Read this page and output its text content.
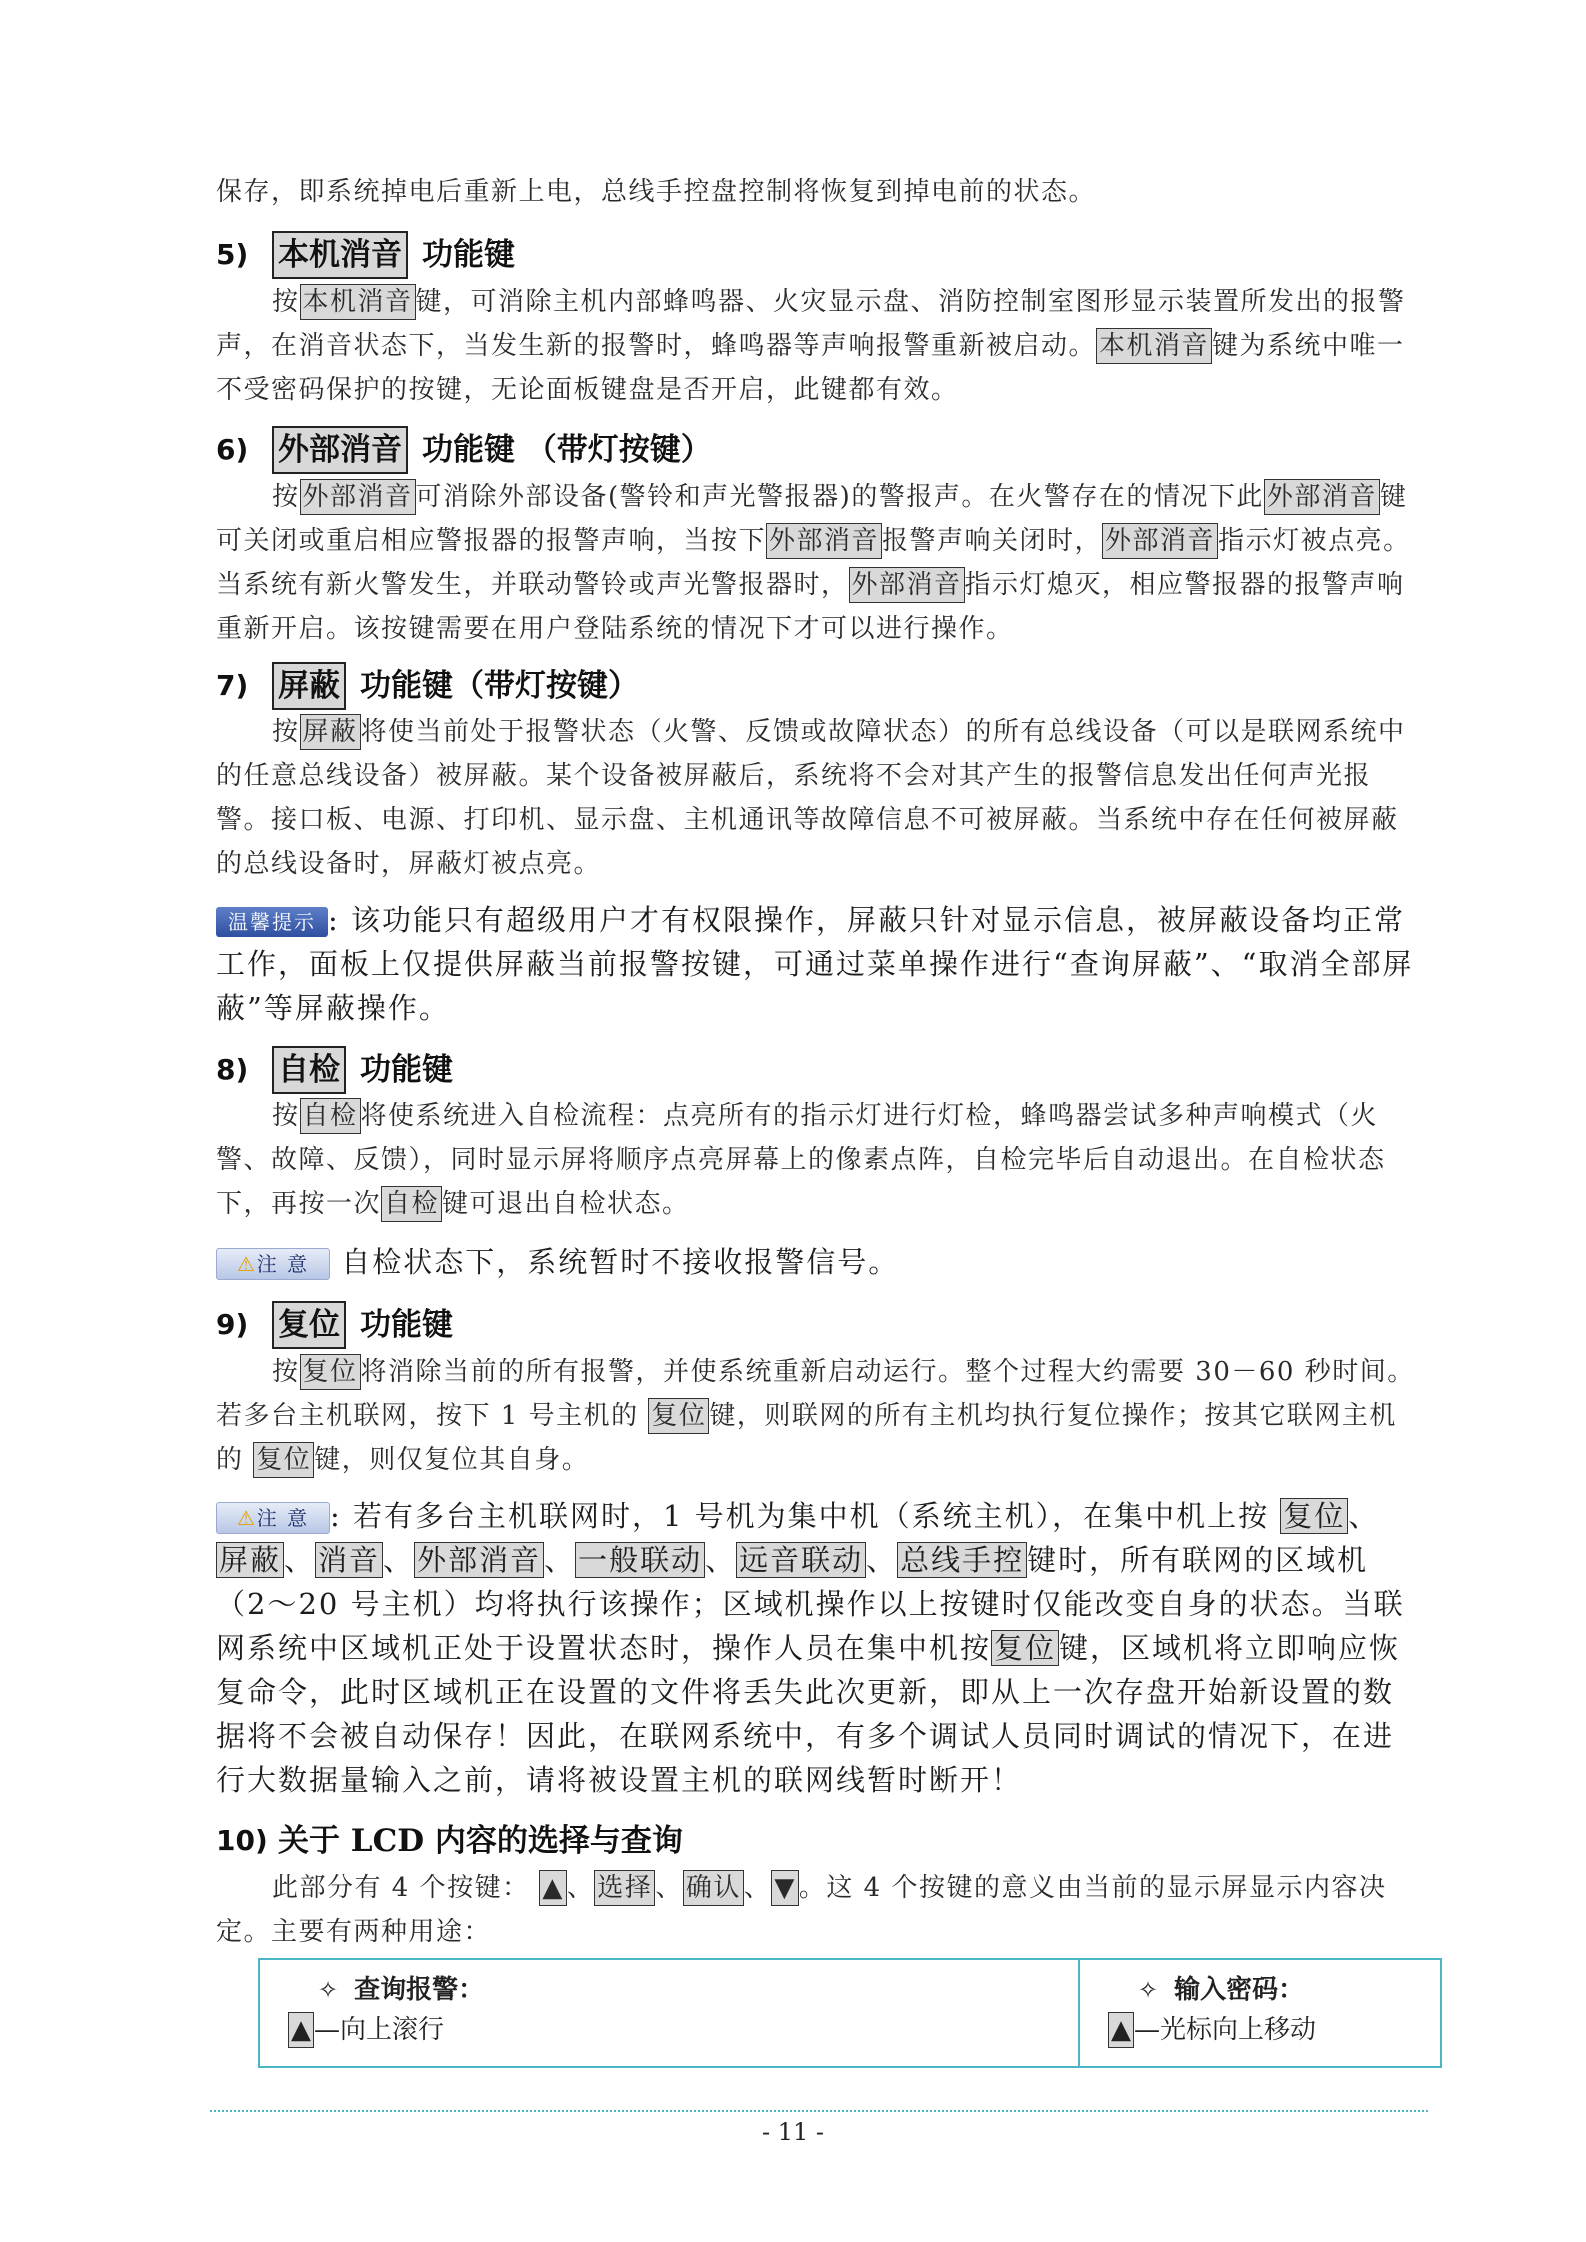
保存，即系统掉电后重新上电，总线手控盘控制将恢复到掉电前的状态。
5) 本机消音 功能键
按 本机消音 键，可消除主机内部蜂鸣器、火灾显示盘、消防控制室图形显示装置所发出的报警声，在消音状态下，当发生新的报警时，蜂鸣器等声响报警重新被启动。 本机消音 键为系统中唯一不受密码保护的按键，无论面板键盘是否开启，此键都有效。
6) 外部消音 功能键 （带灯按键）
按 外部消音 可消除外部设备(警铃和声光警报器)的警报声。在火警存在的情况下此 外部消音 键可关闭或重启相应警报器的报警声响，当按下 外部消音 报警声响关闭时， 外部消音 指示灯被点亮。当系统有新火警发生，并联动警铃或声光警报器时， 外部消音 指示灯熄灭，相应警报器的报警声响重新开启。该按键需要在用户登陆系统的情况下才可以进行操作。
7) 屏蔽 功能键（带灯按键）
按 屏蔽 将使当前处于报警状态（火警、反馈或故障状态）的所有总线设备（可以是联网系统中的任意总线设备）被屏蔽。某个设备被屏蔽后，系统将不会对其产生的报警信息发出任何声光报警。接口板、电源、打印机、显示盘、主机通讯等故障信息不可被屏蔽。当系统中存在任何被屏蔽的总线设备时，屏蔽灯被点亮。
温馨提示 : 该功能只有超级用户才有权限操作，屏蔽只针对显示信息，被屏蔽设备均正常工作，面板上仅提供屏蔽当前报警按键，可通过菜单操作进行“查询屏蔽”、“取消全部屏蔽”等屏蔽操作。
8) 自检 功能键
按 自检 将使系统进入自检流程：点亮所有的指示灯进行灯检，蜂鸣器尝试多种声响模式（火警、故障、反馈），同时显示屏将顺序点亮屏幕上的像素点阵，自检完毕后自动退出。在自检状态下，再按一次 自检 键可退出自检状态。
⚠注 意 自检状态下，系统暂时不接收报警信号。
9) 复位 功能键
按 复位 将消除当前的所有报警，并使系统重新启动运行。整个过程大约需要 30－60 秒时间。若多台主机联网，按下 1 号主机的 复位 键，则联网的所有主机均执行复位操作；按其它联网主机的 复位 键，则仅复位其自身。
⚠注 意 : 若有多台主机联网时，1 号机为集中机（系统主机），在集中机上按 复位 、屏蔽 、 消音 、 外部消音 、 一般联动 、 远音联动 、 总线手控 键时，所有联网的区域机（2～20 号主机）均将执行该操作；区域机操作以上按键时仅能改变自身的状态。当联网系统中区域机正处于设置状态时，操作人员在集中机按 复位 键，区域机将立即响应恢复命令，此时区域机正在设置的文件将丢失此次更新，即从上一次存盘开始新设置的数据将不会被自动保存！因此，在联网系统中，有多个调试人员同时调试的情况下，在进行大数据量输入之前，请将被设置主机的联网线暂时断开！
10) 关于 LCD 内容的选择与查询
此部分有 4 个按键： ▲ 、 选择 、 确认 、 ▼ 。这 4 个按键的意义由当前的显示屏显示内容决定。主要有两种用途：
✧ 查询报警：
▲ —向上滚行
✧ 输入密码：
▲ —光标向上移动
- 11 -
